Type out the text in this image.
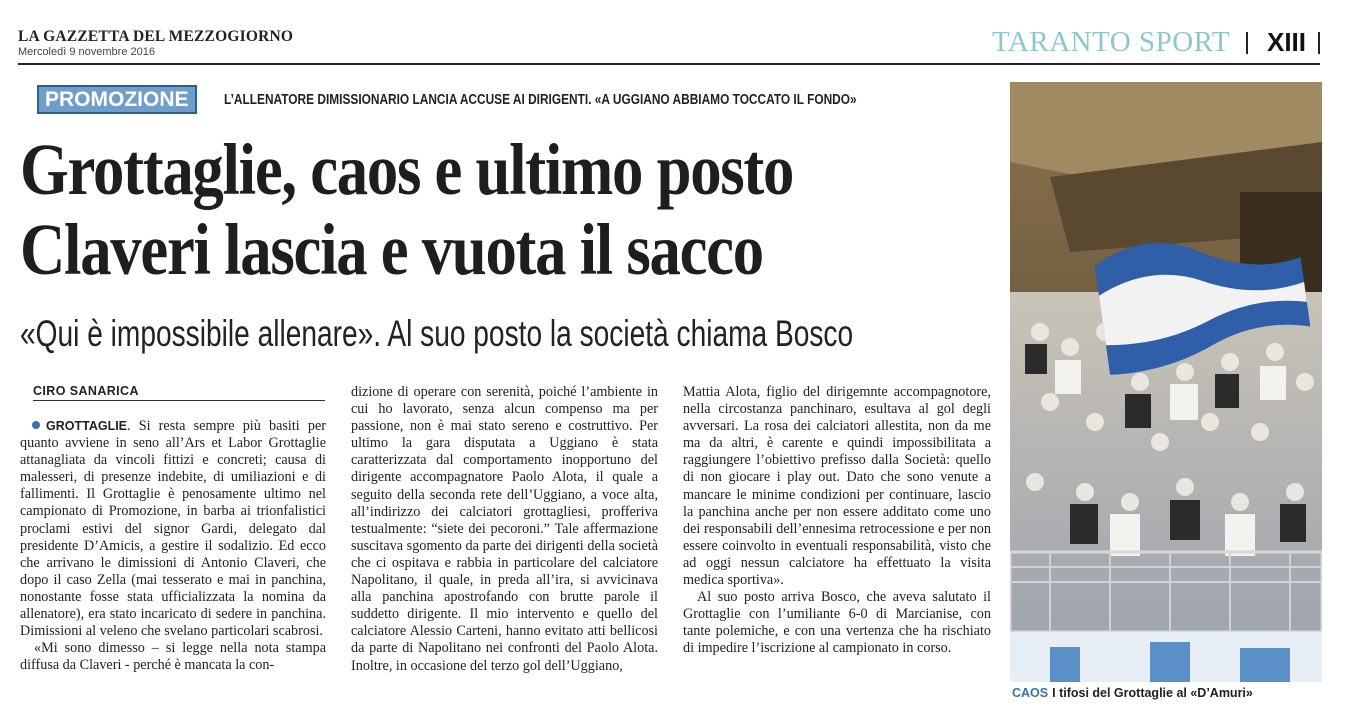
LA GAZZETTA DEL MEZZOGIORNO
Mercoledì 9 novembre 2016	TARANTO SPORT XIII
PROMOZIONE	L’ALLENATORE DIMISSIONARIO LANCIA ACCUSE AI DIRIGENTI. «A UGGIANO ABBIAMO TOCCATO IL FONDO»
Grottaglie, caos e ultimo posto
Claveri lascia e vuota il sacco
«Qui è impossibile allenare». Al suo posto la società chiama Bosco
CIRO SANARICA

GROTTAGLIE. Si resta sempre più basiti per quanto avviene in seno all’Ars et Labor Grottaglie attanagliata da vincoli fittizi e concreti; causa di malesseri, di presenze indebite, di umiliazioni e di fallimenti. Il Grottaglie è penosamente ultimo nel campionato di Promozione, in barba ai trionfalistici proclami estivi del signor Gardi, delegato dal presidente D’Amicis, a gestire il sodalizio. Ed ecco che arrivano le dimissioni di Antonio Claveri, che dopo il caso Zella (mai tesserato e mai in panchina, nonostante fosse stata ufficializzata la nomina da allenatore), era stato incaricato di sedere in panchina. Dimissioni al veleno che svelano particolari scabrosi.

«Mi sono dimesso – si legge nella nota stampa diffusa da Claveri - perché è mancata la con-

dizione di operare con serenità, poiché l’ambiente in cui ho lavorato, senza alcun compenso ma per passione, non è mai stato sereno e costruttivo. Per ultimo la gara disputata a Uggiano è stata caratterizzata dal comportamento inopportuno del dirigente accompagnatore Paolo Alota, il quale a seguito della seconda rete dell’Uggiano, a voce alta, all’indirizzo dei calciatori grottagliesi, profferiva testualmente: “siete dei pecoroni.” Tale affermazione suscitava sgomento da parte dei dirigenti della società che ci ospitava e rabbia in particolare del calciatore Napolitano, il quale, in preda all’ira, si avvicinava alla panchina apostrofando con brutte parole il suddetto dirigente. Il mio intervento e quello del calciatore Alessio Carteni, hanno evitato atti bellicosi da parte di Napolitano nei confronti del Paolo Alota. Inoltre, in occasione del terzo gol dell’Uggiano,

Mattia Alota, figlio del dirigemnte accompagnotore, nella circostanza panchinaro, esultava al gol degli avversari. La rosa dei calciatori allestita, non da me ma da altri, è carente e quindi impossibilitata a raggiungere l’obiettivo prefisso dalla Società: quello di non giocare i play out. Dato che sono venute a mancare le minime condizioni per continuare, lascio la panchina anche per non essere additato come uno dei responsabili dell’ennesima retrocessione e per non essere coinvolto in eventuali responsabilità, visto che ad oggi nessun calciatore ha effettuato la visita medica sportiva».

Al suo posto arriva Bosco, che aveva salutato il Grottaglie con l’umiliante 6-0 di Marcianise, con tante polemiche, e con una vertenza che ha rischiato di impedire l’iscrizione al campionato in corso.

CAOS I tifosi del Grottaglie al «D’Amuri»
